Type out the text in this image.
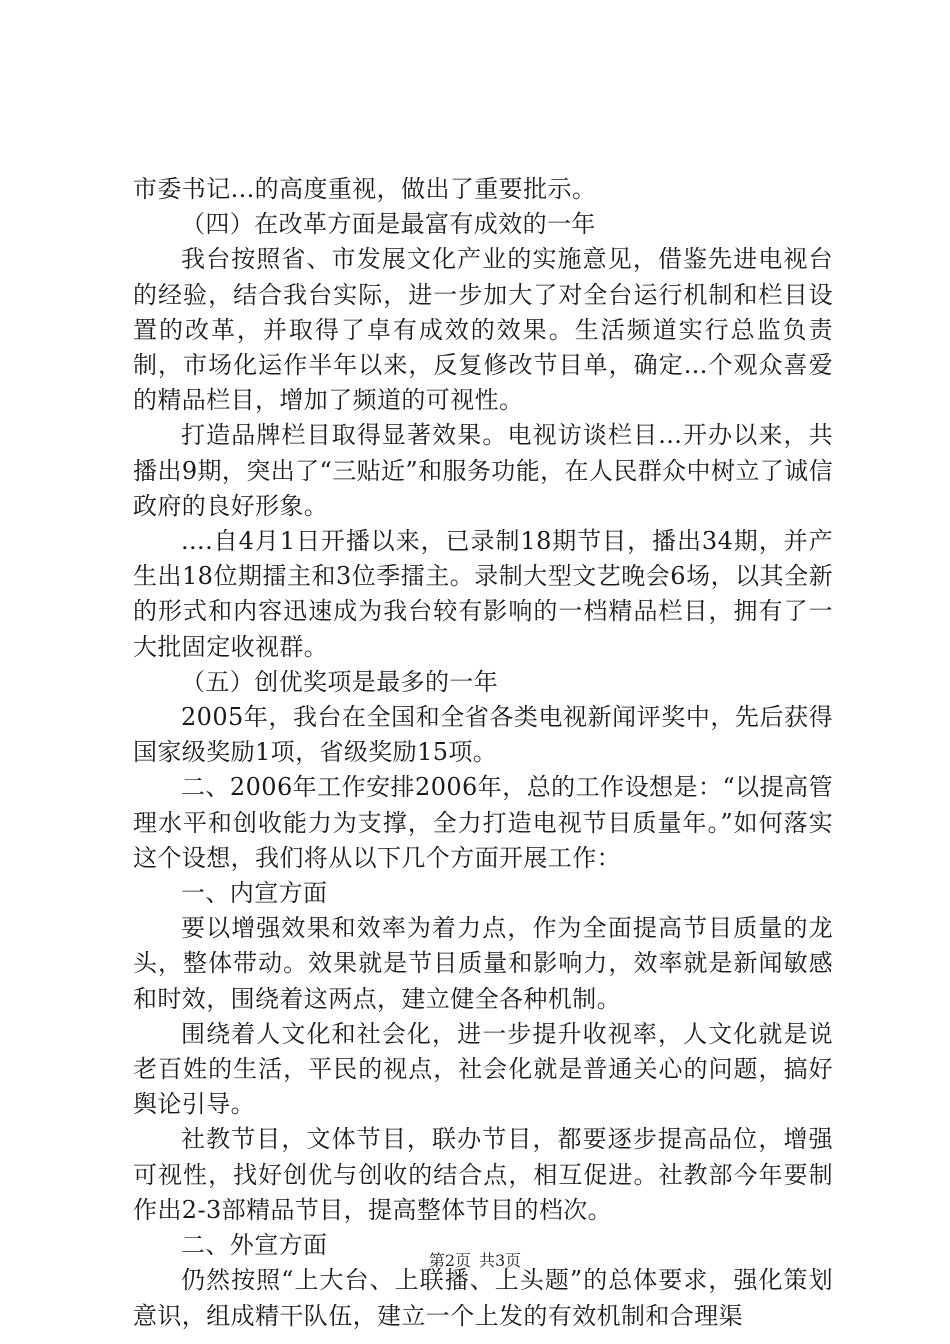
市委书记...的高度重视，做出了重要批示。

（四）在改革方面是最富有成效的一年

我台按照省、市发展文化产业的实施意见，借鉴先进电视台的经验，结合我台实际，进一步加大了对全台运行机制和栏目设置的改革，并取得了卓有成效的效果。生活频道实行总监负责制，市场化运作半年以来，反复修改节目单，确定...个观众喜爱的精品栏目，增加了频道的可视性。

打造品牌栏目取得显著效果。电视访谈栏目...开办以来，共播出9期，突出了“三贴近”和服务功能，在人民群众中树立了诚信政府的良好形象。

....自4月1日开播以来，已录制18期节目，播出34期，并产生出18位期擂主和3位季擂主。录制大型文艺晚会6场，以其全新的形式和内容迅速成为我台较有影响的一档精品栏目，拥有了一大批固定收视群。

（五）创优奖项是最多的一年

2005年，我台在全国和全省各类电视新闻评奖中，先后获得国家级奖励1项，省级奖励15项。

二、2006年工作安排2006年，总的工作设想是：“以提高管理水平和创收能力为支撑，全力打造电视节目质量年。”如何落实这个设想，我们将从以下几个方面开展工作：

一、内宣方面

要以增强效果和效率为着力点，作为全面提高节目质量的龙头，整体带动。效果就是节目质量和影响力，效率就是新闻敏感和时效，围绕着这两点，建立健全各种机制。

围绕着人文化和社会化，进一步提升收视率，人文化就是说老百姓的生活，平民的视点，社会化就是普通关心的问题，搞好舆论引导。

社教节目，文体节目，联办节目，都要逐步提高品位，增强可视性，找好创优与创收的结合点，相互促进。社教部今年要制作出2-3部精品节目，提高整体节目的档次。

二、外宣方面

仍然按照“上大台、上联播、上头题”的总体要求，强化策划意识，组成精干队伍，建立一个上发的有效机制和合理渠

第2页 共3页
